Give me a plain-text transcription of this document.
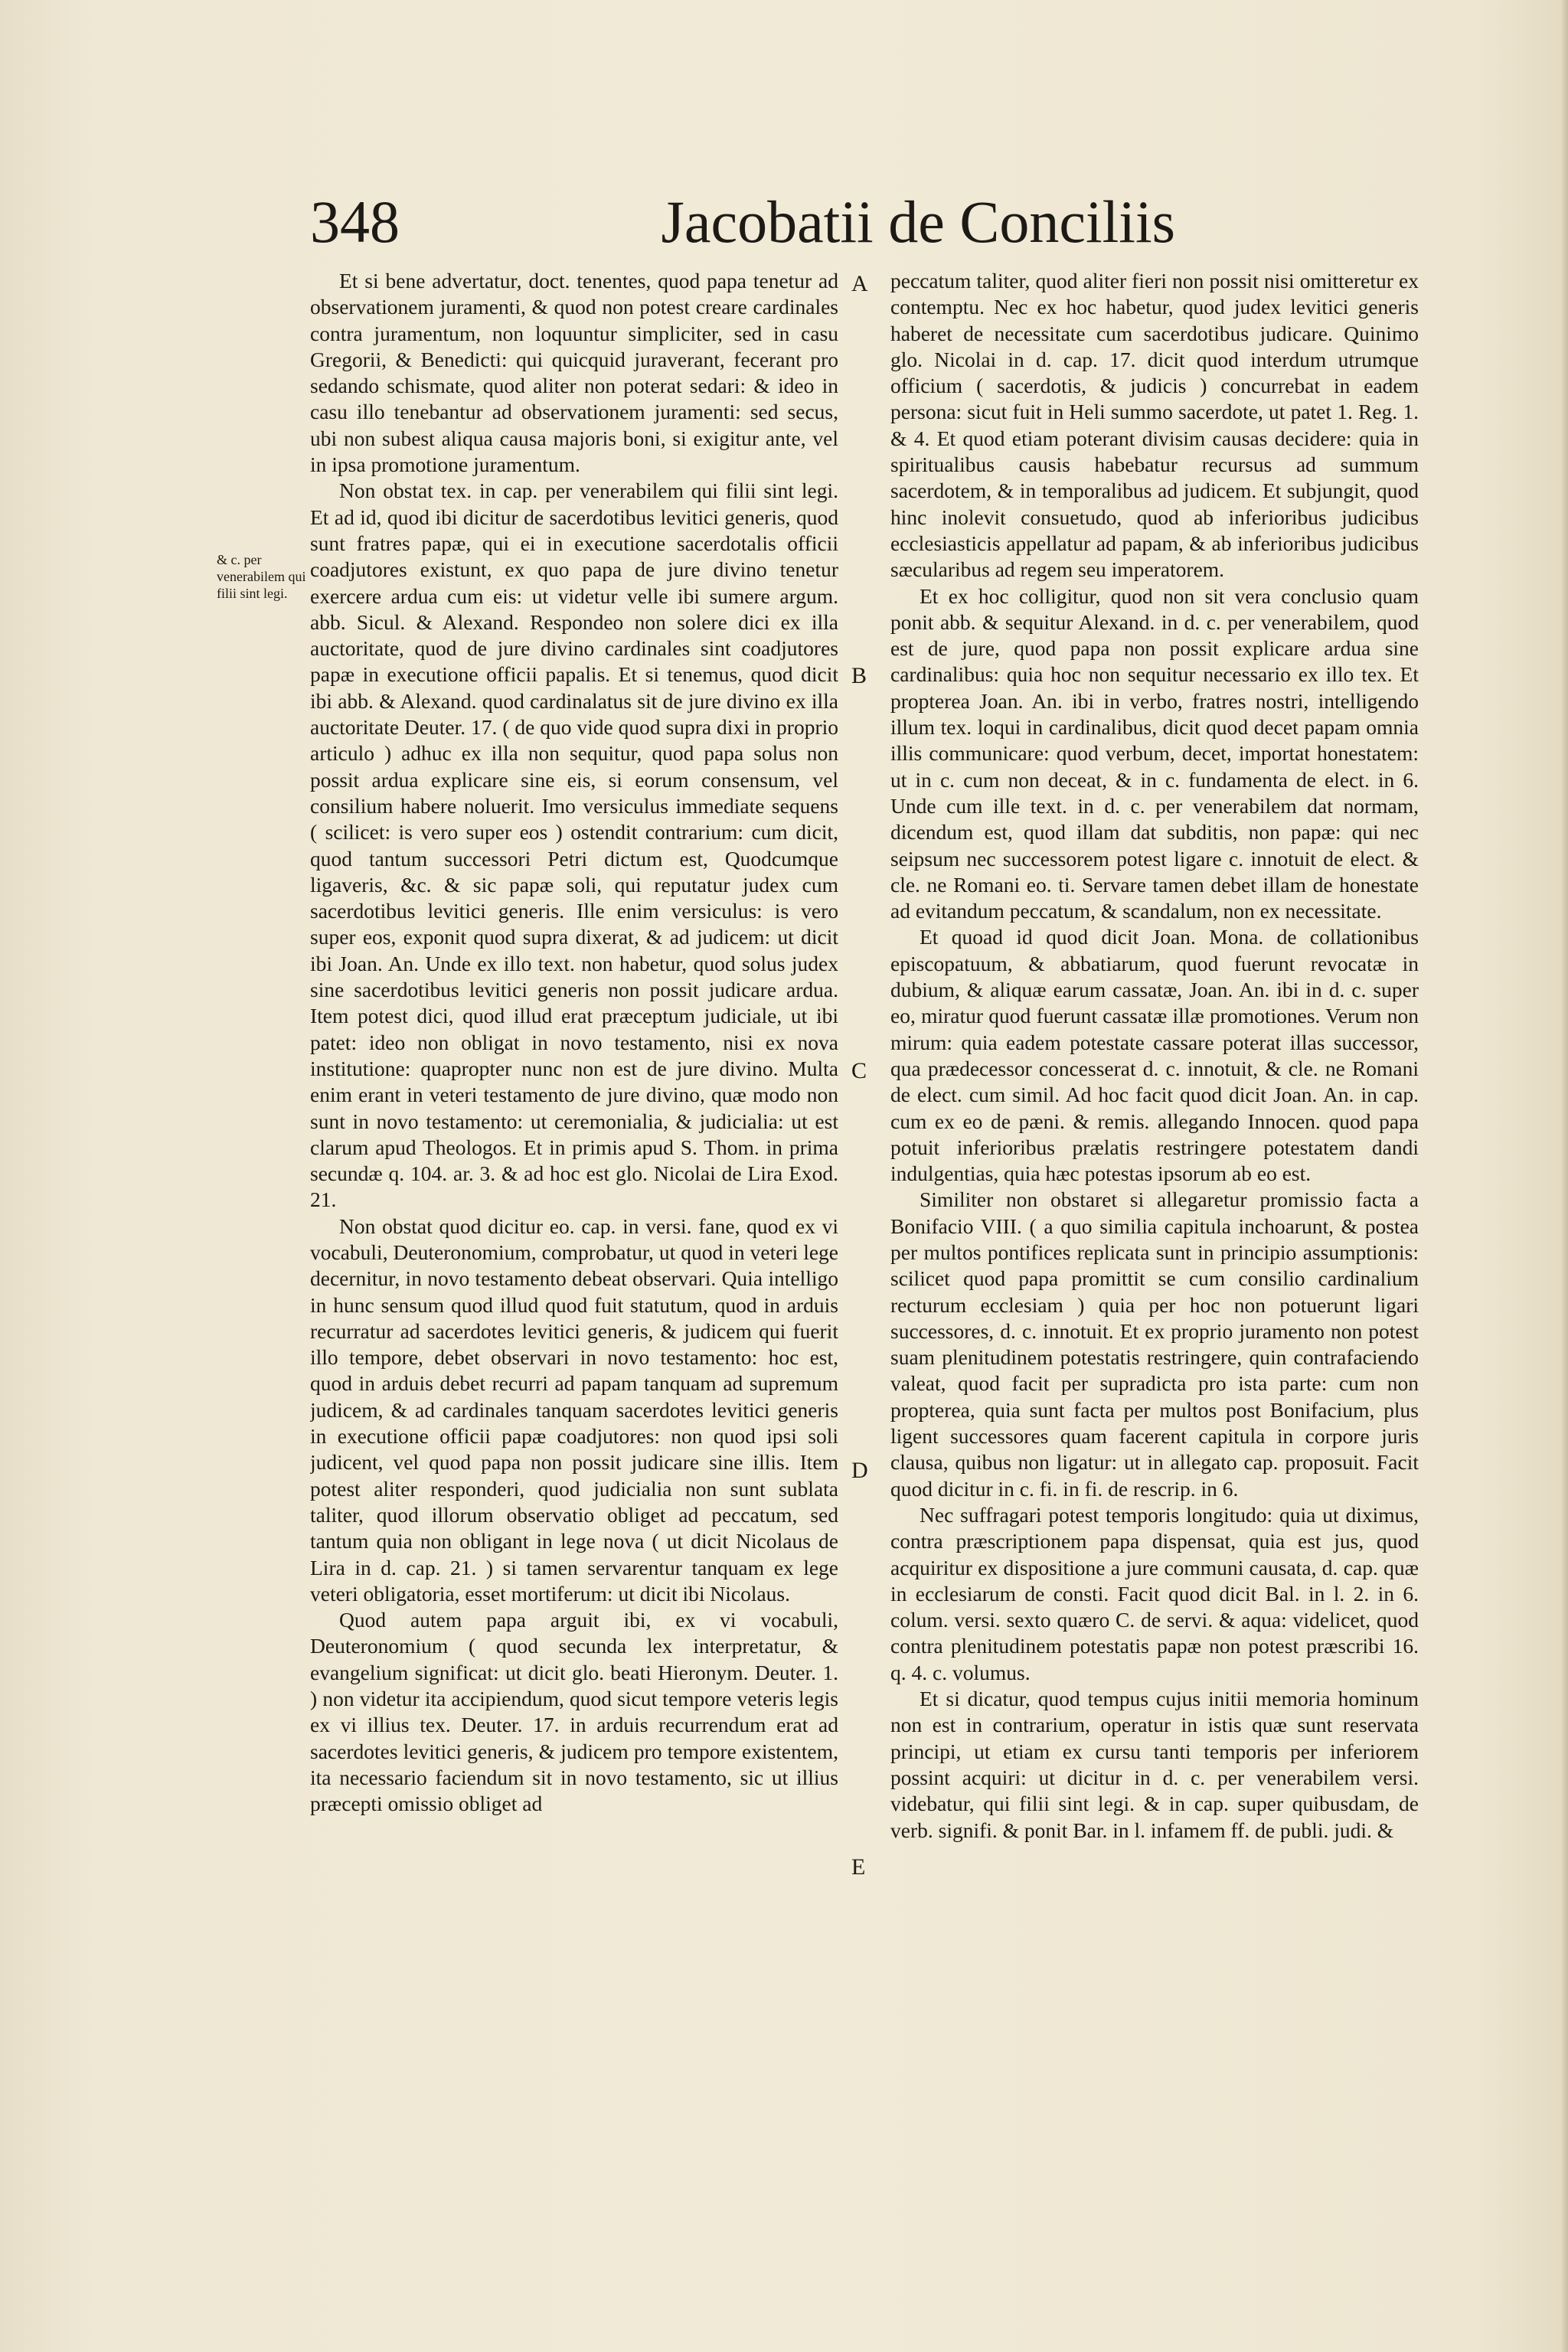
348	Jacobatii de Conciliis
& c. per venerabilem qui filii sint legi.

Et si bene advertatur, doct. tenentes, quod papa tenetur ad observationem juramenti, & quod non potest creare cardinales contra juramentum, non loquuntur simpliciter, sed in casu Gregorii, & Benedicti: qui quicquid juraverant, fecerant pro sedando schismate, quod aliter non poterat sedari: & ideo in casu illo tenebantur ad observationem juramenti: sed secus, ubi non subest aliqua causa majoris boni, si exigitur ante, vel in ipsa promotione juramentum.

Non obstat tex. in cap. per venerabilem qui filii sint legi. Et ad id, quod ibi dicitur de sacerdotibus levitici generis, quod sunt fratres papæ, qui ei in executione sacerdotalis officii coadjutores existunt, ex quo papa de jure divino tenetur exercere ardua cum eis: ut videtur velle ibi sumere argum. abb. Sicul. & Alexand. Respondeo non solere dici ex illa auctoritate, quod de jure divino cardinales sint coadjutores papæ in executione officii papalis. Et si tenemus, quod dicit ibi abb. & Alexand. quod cardinalatus sit de jure divino ex illa auctoritate Deuter. 17. ( de quo vide quod supra dixi in proprio articulo ) adhuc ex illa non sequitur, quod papa solus non possit ardua explicare sine eis, si eorum consensum, vel consilium habere noluerit. Imo versiculus immediate sequens ( scilicet: is vero super eos ) ostendit contrarium: cum dicit, quod tantum successori Petri dictum est, Quodcumque ligaveris, &c. & sic papæ soli, qui reputatur judex cum sacerdotibus levitici generis. Ille enim versiculus: is vero super eos, exponit quod supra dixerat, & ad judicem: ut dicit ibi Joan. An. Unde ex illo text. non habetur, quod solus judex sine sacerdotibus levitici generis non possit judicare ardua. Item potest dici, quod illud erat præceptum judiciale, ut ibi patet: ideo non obligat in novo testamento, nisi ex nova institutione: quapropter nunc non est de jure divino. Multa enim erant in veteri testamento de jure divino, quæ modo non sunt in novo testamento: ut ceremonialia, & judicialia: ut est clarum apud Theologos. Et in primis apud S. Thom. in prima secundæ q. 104. ar. 3. & ad hoc est glo. Nicolai de Lira Exod. 21.

Non obstat quod dicitur eo. cap. in versi. fane, quod ex vi vocabuli, Deuteronomium, comprobatur, ut quod in veteri lege decernitur, in novo testamento debeat observari. Quia intelligo in hunc sensum quod illud quod fuit statutum, quod in arduis recurratur ad sacerdotes levitici generis, & judicem qui fuerit illo tempore, debet observari in novo testamento: hoc est, quod in arduis debet recurri ad papam tanquam ad supremum judicem, & ad cardinales tanquam sacerdotes levitici generis in executione officii papæ coadjutores: non quod ipsi soli judicent, vel quod papa non possit judicare sine illis. Item potest aliter responderi, quod judicialia non sunt sublata taliter, quod illorum observatio obliget ad peccatum, sed tantum quia non obligant in lege nova ( ut dicit Nicolaus de Lira in d. cap. 21. ) si tamen servarentur tanquam ex lege veteri obligatoria, esset mortiferum: ut dicit ibi Nicolaus.

Quod autem papa arguit ibi, ex vi vocabuli, Deuteronomium ( quod secunda lex interpretatur, & evangelium significat: ut dicit glo. beati Hieronym. Deuter. 1. ) non videtur ita accipiendum, quod sicut tempore veteris legis ex vi illius tex. Deuter. 17. in arduis recurrendum erat ad sacerdotes levitici generis, & judicem pro tempore existentem, ita necessario faciendum sit in novo testamento, sic ut illius præcepti omissio obliget ad

A
B
C
D
E

peccatum taliter, quod aliter fieri non possit nisi omitteretur ex contemptu. Nec ex hoc habetur, quod judex levitici generis haberet de necessitate cum sacerdotibus judicare. Quinimo glo. Nicolai in d. cap. 17. dicit quod interdum utrumque officium ( sacerdotis, & judicis ) concurrebat in eadem persona: sicut fuit in Heli summo sacerdote, ut patet 1. Reg. 1. & 4. Et quod etiam poterant divisim causas decidere: quia in spiritualibus causis habebatur recursus ad summum sacerdotem, & in temporalibus ad judicem. Et subjungit, quod hinc inolevit consuetudo, quod ab inferioribus judicibus ecclesiasticis appellatur ad papam, & ab inferioribus judicibus sæcularibus ad regem seu imperatorem.

Et ex hoc colligitur, quod non sit vera conclusio quam ponit abb. & sequitur Alexand. in d. c. per venerabilem, quod est de jure, quod papa non possit explicare ardua sine cardinalibus: quia hoc non sequitur necessario ex illo tex. Et propterea Joan. An. ibi in verbo, fratres nostri, intelligendo illum tex. loqui in cardinalibus, dicit quod decet papam omnia illis communicare: quod verbum, decet, importat honestatem: ut in c. cum non deceat, & in c. fundamenta de elect. in 6. Unde cum ille text. in d. c. per venerabilem dat normam, dicendum est, quod illam dat subditis, non papæ: qui nec seipsum nec successorem potest ligare c. innotuit de elect. & cle. ne Romani eo. ti. Servare tamen debet illam de honestate ad evitandum peccatum, & scandalum, non ex necessitate.

Et quoad id quod dicit Joan. Mona. de collationibus episcopatuum, & abbatiarum, quod fuerunt revocatæ in dubium, & aliquæ earum cassatæ, Joan. An. ibi in d. c. super eo, miratur quod fuerunt cassatæ illæ promotiones. Verum non mirum: quia eadem potestate cassare poterat illas successor, qua prædecessor concesserat d. c. innotuit, & cle. ne Romani de elect. cum simil. Ad hoc facit quod dicit Joan. An. in cap. cum ex eo de pæni. & remis. allegando Innocen. quod papa potuit inferioribus prælatis restringere potestatem dandi indulgentias, quia hæc potestas ipsorum ab eo est.

Similiter non obstaret si allegaretur promissio facta a Bonifacio VIII. ( a quo similia capitula inchoarunt, & postea per multos pontifices replicata sunt in principio assumptionis: scilicet quod papa promittit se cum consilio cardinalium recturum ecclesiam ) quia per hoc non potuerunt ligari successores, d. c. innotuit. Et ex proprio juramento non potest suam plenitudinem potestatis restringere, quin contrafaciendo valeat, quod facit per supradicta pro ista parte: cum non propterea, quia sunt facta per multos post Bonifacium, plus ligent successores quam facerent capitula in corpore juris clausa, quibus non ligatur: ut in allegato cap. proposuit. Facit quod dicitur in c. fi. in fi. de rescrip. in 6.

Nec suffragari potest temporis longitudo: quia ut diximus, contra præscriptionem papa dispensat, quia est jus, quod acquiritur ex dispositione a jure communi causata, d. cap. quæ in ecclesiarum de consti. Facit quod dicit Bal. in l. 2. in 6. colum. versi. sexto quæro C. de servi. & aqua: videlicet, quod contra plenitudinem potestatis papæ non potest præscribi 16. q. 4. c. volumus.

Et si dicatur, quod tempus cujus initii memoria hominum non est in contrarium, operatur in istis quæ sunt reservata principi, ut etiam ex cursu tanti temporis per inferiorem possint acquiri: ut dicitur in d. c. per venerabilem versi. videbatur, qui filii sint legi. & in cap. super quibusdam, de verb. signifi. & ponit Bar. in l. infamem ff. de publi. judi. &
